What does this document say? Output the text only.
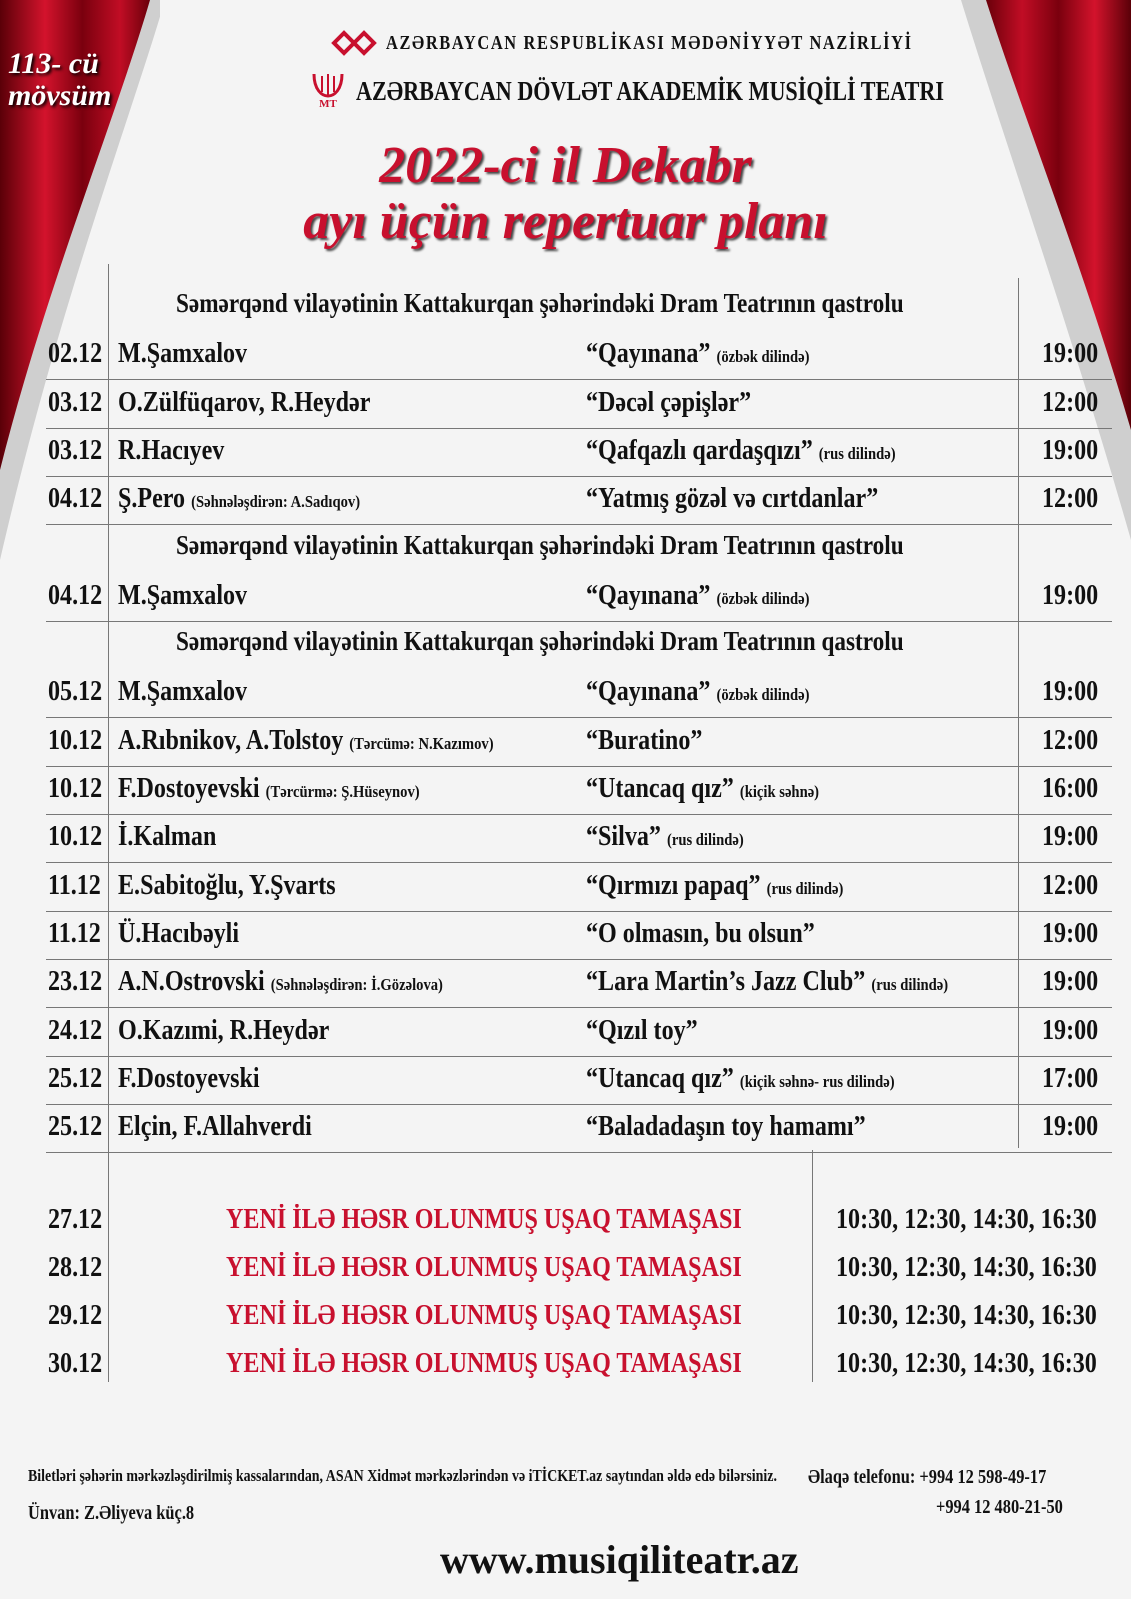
113- cü
mövsüm
AZƏRBAYCAN RESPUBLİKASI MƏDƏNİYYƏT NAZİRLİYİ
MT AZƏRBAYCAN DÖVLƏT AKADEMİK MUSİQİLİ TEATRI
2022-ci il Dekabr
ayı üçün repertuar planı
Səmərqənd vilayətinin Kattakurqan şəhərindəki Dram Teatrının qastrolu
02.12 M.Şamxalov	“Qayınana” (özbək dilində)	19:00
03.12 O.Zülfüqarov, R.Heydər	“Dəcəl çəpişlər”	12:00
03.12 R.Hacıyev	“Qafqazlı qardaşqızı” (rus dilində)	19:00
04.12 Ş.Pero (Səhnələşdirən: A.Sadıqov)	“Yatmış gözəl və cırtdanlar”	12:00
Səmərqənd vilayətinin Kattakurqan şəhərindəki Dram Teatrının qastrolu
04.12 M.Şamxalov	“Qayınana” (özbək dilində)	19:00
Səmərqənd vilayətinin Kattakurqan şəhərindəki Dram Teatrının qastrolu
05.12 M.Şamxalov	“Qayınana” (özbək dilində)	19:00
10.12 A.Rıbnikov, A.Tolstoy (Tərcümə: N.Kazımov)	“Buratino”	12:00
10.12 F.Dostoyevski (Tərcürmə: Ş.Hüseynov)	“Utancaq qız” (kiçik səhnə)	16:00
10.12 İ.Kalman	“Silva” (rus dilində)	19:00
11.12 E.Sabitoğlu, Y.Şvarts	“Qırmızı papaq” (rus dilində)	12:00
11.12 Ü.Hacıbəyli	“O olmasın, bu olsun”	19:00
23.12 A.N.Ostrovski (Səhnələşdirən: İ.Gözəlova)	“Lara Martin’s Jazz Club” (rus dilində)	19:00
24.12 O.Kazımi, R.Heydər	“Qızıl toy”	19:00
25.12 F.Dostoyevski	“Utancaq qız” (kiçik səhnə- rus dilində)	17:00
25.12 Elçin, F.Allahverdi	“Baladadaşın toy hamamı”	19:00
27.12	YENİ İLƏ HƏSR OLUNMUŞ UŞAQ TAMAŞASI	10:30, 12:30, 14:30, 16:30
28.12	YENİ İLƏ HƏSR OLUNMUŞ UŞAQ TAMAŞASI	10:30, 12:30, 14:30, 16:30
29.12	YENİ İLƏ HƏSR OLUNMUŞ UŞAQ TAMAŞASI	10:30, 12:30, 14:30, 16:30
30.12	YENİ İLƏ HƏSR OLUNMUŞ UŞAQ TAMAŞASI	10:30, 12:30, 14:30, 16:30
Biletləri şəhərin mərkəzləşdirilmiş kassalarından, ASAN Xidmət mərkəzlərindən və iTİCKET.az saytından əldə edə bilərsiniz.
Ünvan: Z.Əliyeva küç.8
Əlaqə telefonu: +994 12 598-49-17
+994 12 480-21-50
www.musiqiliteatr.az
